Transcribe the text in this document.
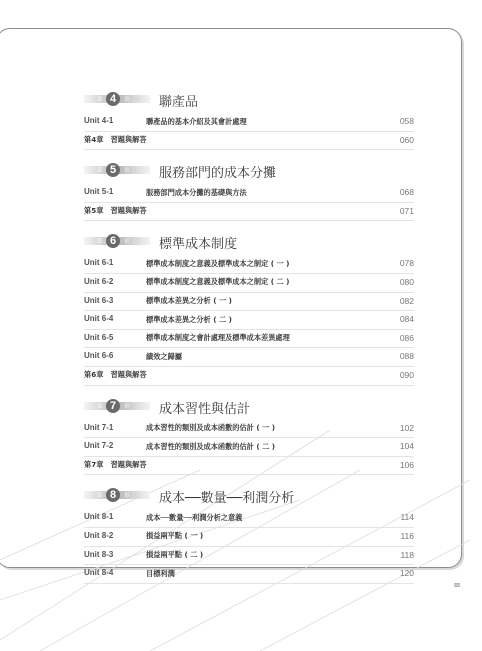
第 4	章 聯產品
Unit 4-1	聯產品的基本介紹及其會計處理	058
第4章　習題與解答	060
第 5	章 服務部門的成本分攤
Unit 5-1	服務部門成本分攤的基礎與方法	068
第5章　習題與解答	071
第 6	章 標準成本制度
Unit 6-1	標準成本制度之意義及標準成本之制定 ( 一 )	078
Unit 6-2	標準成本制度之意義及標準成本之制定 ( 二 )	080
Unit 6-3	標準成本差異之分析 ( 一 )	082
Unit 6-4	標準成本差異之分析 ( 二 )	084
Unit 6-5	標準成本制度之會計處理及標準成本差異處理	086
Unit 6-6	績效之歸屬	088
第6章　習題與解答	090
第 7	章 成本習性與估計
Unit 7-1	成本習性的類別及成本函數的估計 ( 一 )	102
Unit 7-2	成本習性的類別及成本函數的估計 ( 二 )	104
第7章　習題與解答	106
第 8	章 成本──數量──利潤分析
Unit 8-1	成本──數量──利潤分析之意義	114
Unit 8-2	損益兩平點 ( 一 )	116
Unit 8-3	損益兩平點 ( 二 )	118
Unit 8-4	目標利潤	120
III
